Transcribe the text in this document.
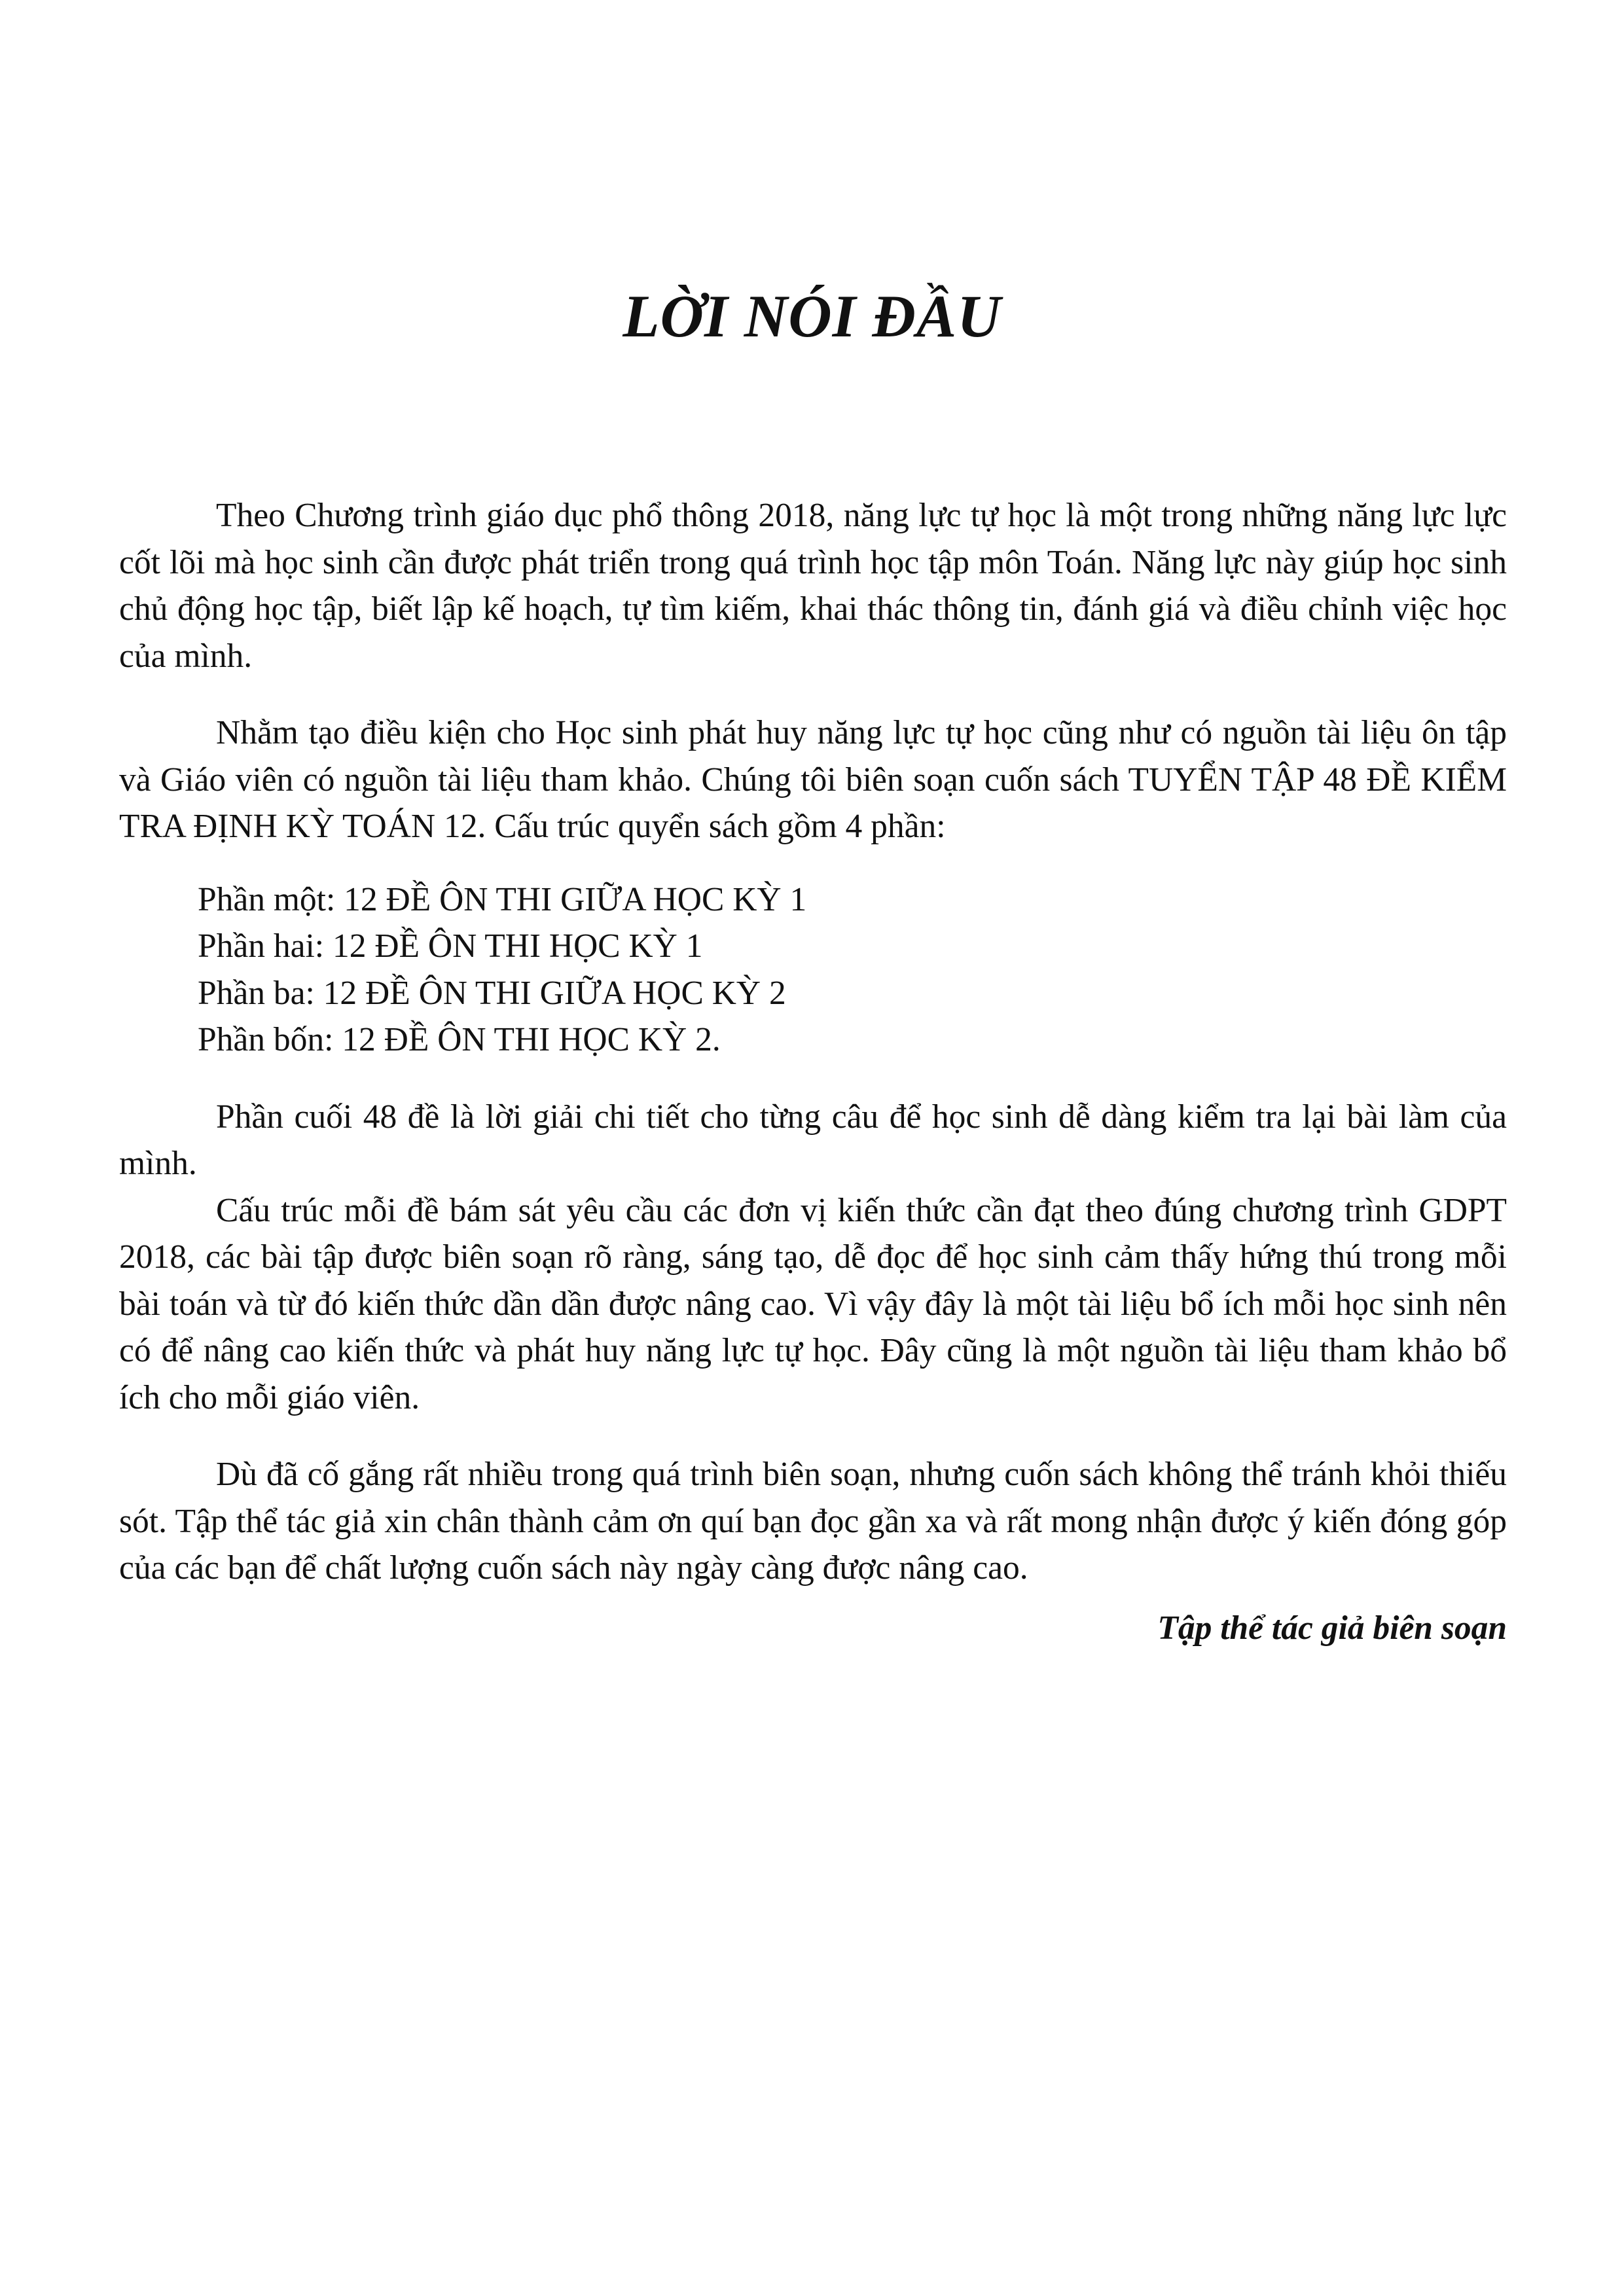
LỜI NÓI ĐẦU

Theo Chương trình giáo dục phổ thông 2018, năng lực tự học là một trong những năng lực lực cốt lõi mà học sinh cần được phát triển trong quá trình học tập môn Toán. Năng lực này giúp học sinh chủ động học tập, biết lập kế hoạch, tự tìm kiếm, khai thác thông tin, đánh giá và điều chỉnh việc học của mình.

Nhằm tạo điều kiện cho Học sinh phát huy năng lực tự học cũng như có nguồn tài liệu ôn tập và Giáo viên có nguồn tài liệu tham khảo. Chúng tôi biên soạn cuốn sách TUYỂN TẬP 48 ĐỀ KIỂM TRA ĐỊNH KỲ TOÁN 12. Cấu trúc quyển sách gồm 4 phần:

Phần một: 12 ĐỀ ÔN THI GIỮA HỌC KỲ 1
Phần hai: 12 ĐỀ ÔN THI HỌC KỲ 1
Phần ba: 12 ĐỀ ÔN THI GIỮA HỌC KỲ 2
Phần bốn: 12 ĐỀ ÔN THI HỌC KỲ 2.

Phần cuối 48 đề là lời giải chi tiết cho từng câu để học sinh dễ dàng kiểm tra lại bài làm của mình.

Cấu trúc mỗi đề bám sát yêu cầu các đơn vị kiến thức cần đạt theo đúng chương trình GDPT 2018, các bài tập được biên soạn rõ ràng, sáng tạo, dễ đọc để học sinh cảm thấy hứng thú trong mỗi bài toán và từ đó kiến thức dần dần được nâng cao. Vì vậy đây là một tài liệu bổ ích mỗi học sinh nên có để nâng cao kiến thức và phát huy năng lực tự học. Đây cũng là một nguồn tài liệu tham khảo bổ ích cho mỗi giáo viên.

Dù đã cố gắng rất nhiều trong quá trình biên soạn, nhưng cuốn sách không thể tránh khỏi thiếu sót. Tập thể tác giả xin chân thành cảm ơn quí bạn đọc gần xa và rất mong nhận được ý kiến đóng góp của các bạn để chất lượng cuốn sách này ngày càng được nâng cao.

Tập thể tác giả biên soạn
